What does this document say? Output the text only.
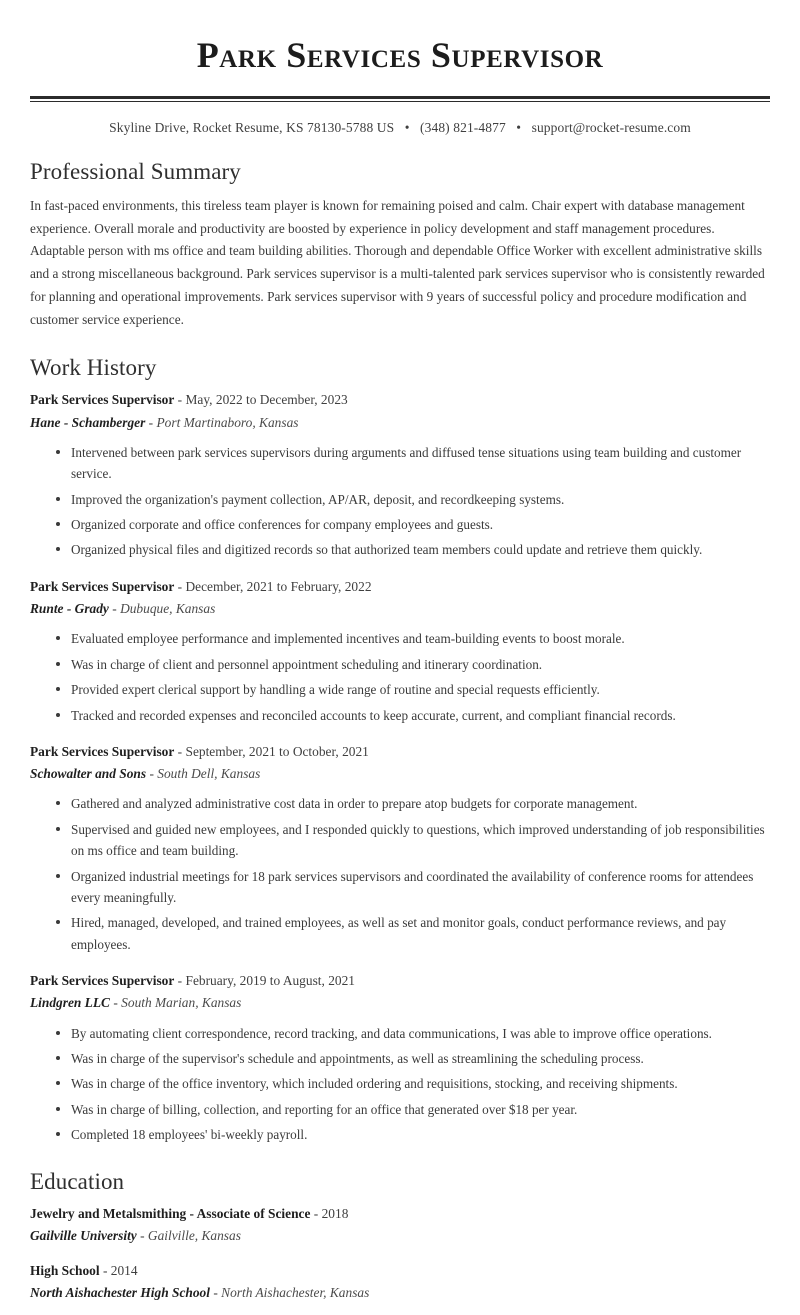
Park Services Supervisor
Skyline Drive, Rocket Resume, KS 78130-5788 US • (348) 821-4877 • support@rocket-resume.com
Professional Summary

In fast-paced environments, this tireless team player is known for remaining poised and calm. Chair expert with database management experience. Overall morale and productivity are boosted by experience in policy development and staff management procedures. Adaptable person with ms office and team building abilities. Thorough and dependable Office Worker with excellent administrative skills and a strong miscellaneous background. Park services supervisor is a multi-talented park services supervisor who is consistently rewarded for planning and operational improvements. Park services supervisor with 9 years of successful policy and procedure modification and customer service experience.

Work History
Park Services Supervisor - May, 2022 to December, 2023
Hane - Schamberger - Port Martinaboro, Kansas
Intervened between park services supervisors during arguments and diffused tense situations using team building and customer service.
Improved the organization's payment collection, AP/AR, deposit, and recordkeeping systems.
Organized corporate and office conferences for company employees and guests.
Organized physical files and digitized records so that authorized team members could update and retrieve them quickly.
Park Services Supervisor - December, 2021 to February, 2022
Runte - Grady - Dubuque, Kansas
Evaluated employee performance and implemented incentives and team-building events to boost morale.
Was in charge of client and personnel appointment scheduling and itinerary coordination.
Provided expert clerical support by handling a wide range of routine and special requests efficiently.
Tracked and recorded expenses and reconciled accounts to keep accurate, current, and compliant financial records.
Park Services Supervisor - September, 2021 to October, 2021
Schowalter and Sons - South Dell, Kansas
Gathered and analyzed administrative cost data in order to prepare atop budgets for corporate management.
Supervised and guided new employees, and I responded quickly to questions, which improved understanding of job responsibilities on ms office and team building.
Organized industrial meetings for 18 park services supervisors and coordinated the availability of conference rooms for attendees every meaningfully.
Hired, managed, developed, and trained employees, as well as set and monitor goals, conduct performance reviews, and pay employees.
Park Services Supervisor - February, 2019 to August, 2021
Lindgren LLC - South Marian, Kansas
By automating client correspondence, record tracking, and data communications, I was able to improve office operations.
Was in charge of the supervisor's schedule and appointments, as well as streamlining the scheduling process.
Was in charge of the office inventory, which included ordering and requisitions, stocking, and receiving shipments.
Was in charge of billing, collection, and reporting for an office that generated over $18 per year.
Completed 18 employees' bi-weekly payroll.
Education
Jewelry and Metalsmithing - Associate of Science - 2018
Gailville University - Gailville, Kansas
High School - 2014
North Aishachester High School - North Aishachester, Kansas
